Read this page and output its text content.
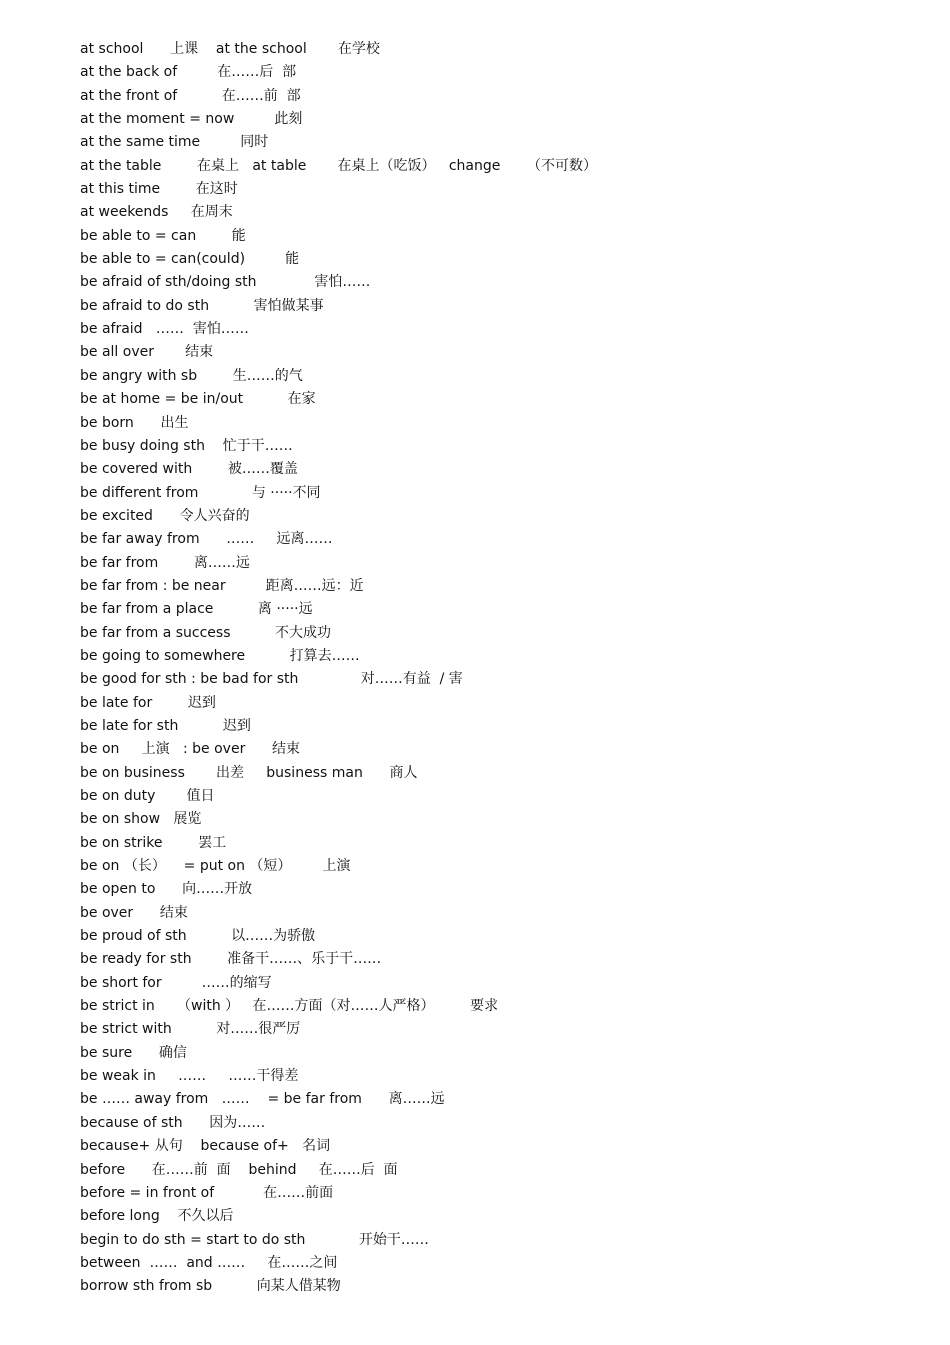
at school      上课    at the school       在学校
at the back of         在……后  部
at the front of          在……前  部
at the moment = now         此刻
at the same time         同时
at the table        在桌上   at table       在桌上（吃饭）   change      （不可数）
at this time        在这时
at weekends     在周末
be able to = can        能
be able to = can(could)         能
be afraid of sth/doing sth             害怕……
be afraid to do sth          害怕做某事
be afraid   ……  害怕……
be all over       结束
be angry with sb        生……的气
be at home = be in/out          在家
be born      出生
be busy doing sth    忙于干……
be covered with        被……覆盖
be different from            与 ·····不同
be excited      令人兴奋的
be far away from      ……     远离……
be far from        离……远
be far from : be near         距离……远：近
be far from a place          离 ·····远
be far from a success          不大成功
be going to somewhere          打算去……
be good for sth : be bad for sth              对……有益  / 害
be late for        迟到
be late for sth          迟到
be on     上演   : be over      结束
be on business       出差     business man      商人
be on duty       值日
be on show   展览
be on strike        罢工
be on （长）    = put on （短）       上演
be open to      向……开放
be over      结束
be proud of sth          以……为骄傲
be ready for sth        准备干……、乐于干……
be short for         ……的缩写
be strict in     （with ）   在……方面（对……人严格）        要求
be strict with          对……很严厉
be sure      确信
be weak in     ……     ……干得差
be …… away from   ……    = be far from      离……远
because of sth      因为……
because+ 从句    because of+   名词
before      在……前  面    behind     在……后  面
before = in front of           在……前面
before long    不久以后
begin to do sth = start to do sth            开始干……
between  ……  and ……     在……之间
borrow sth from sb          向某人借某物
